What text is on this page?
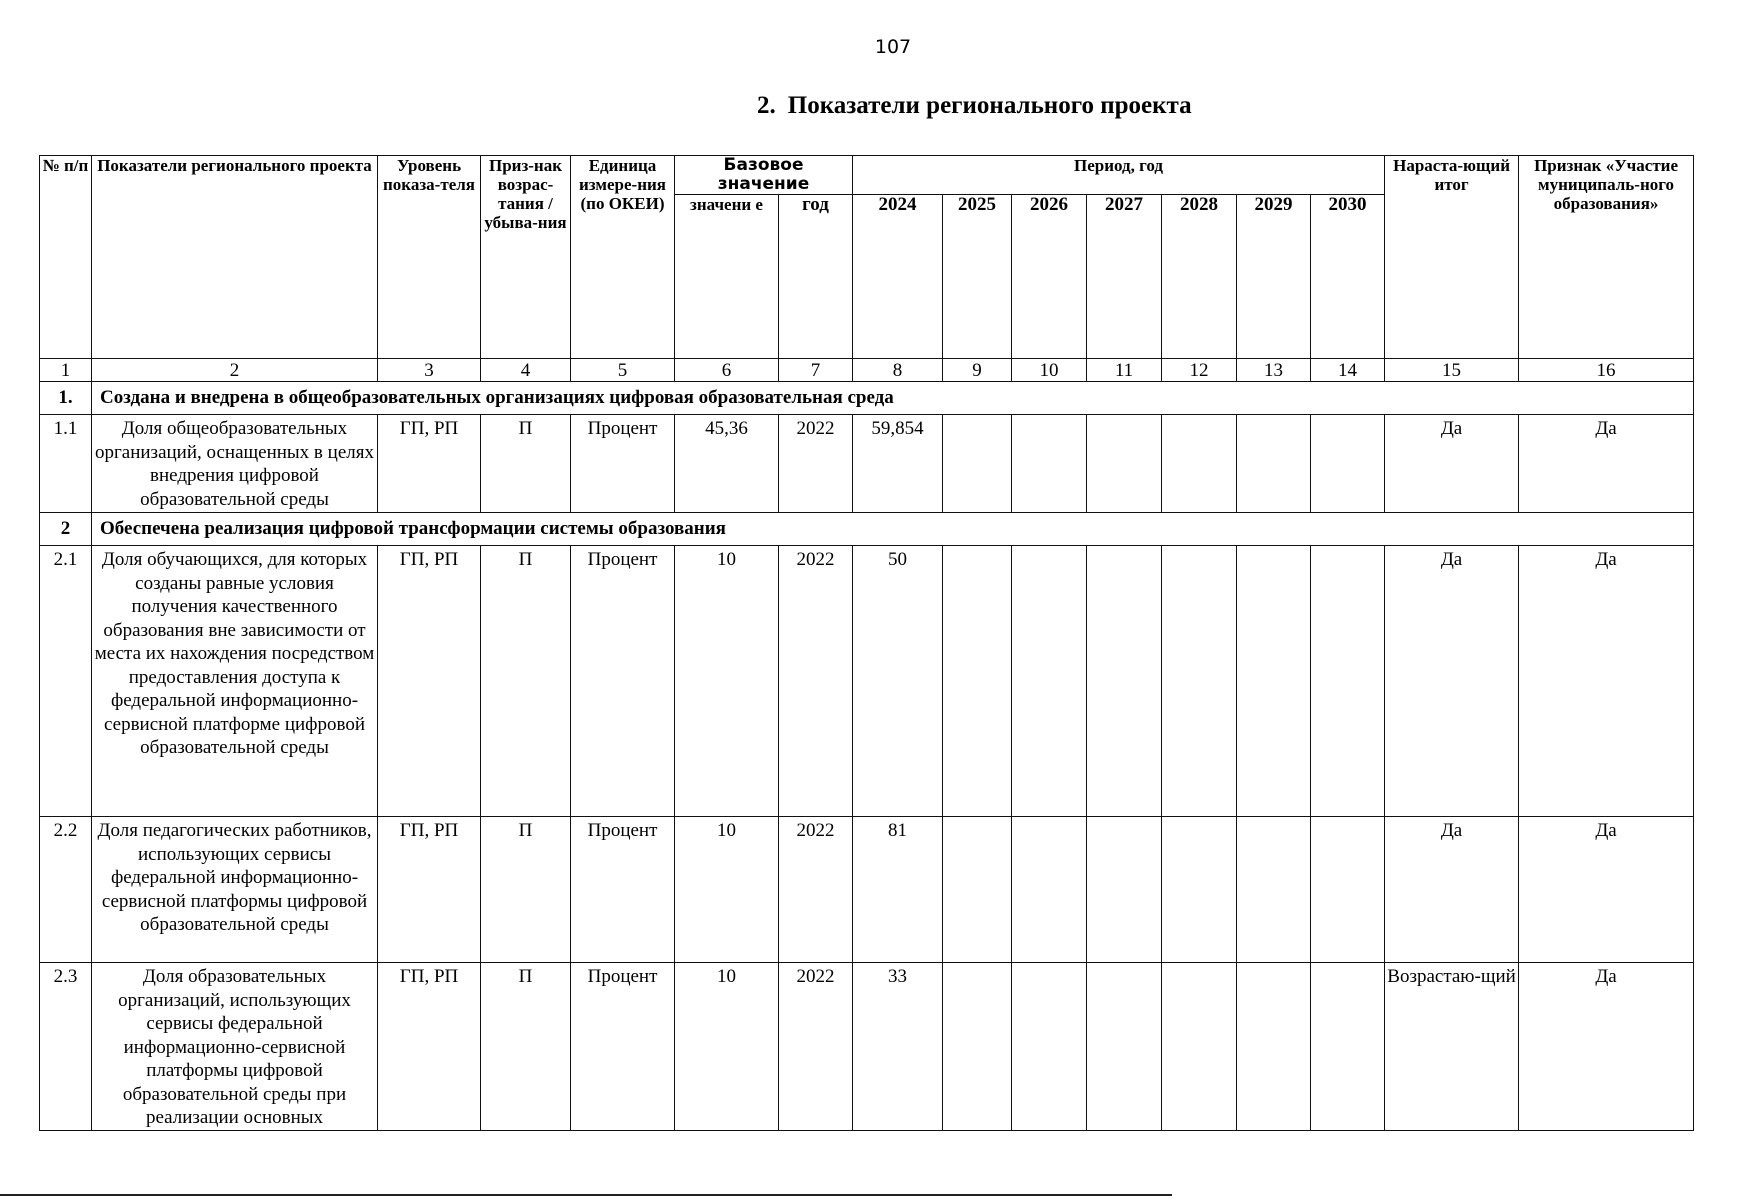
107
2. Показатели регионального проекта
№ п/п	Показатели регионального проекта	Уровень показа-теля	Приз-нак возрас-тания / убыва-ния	Единица измере-ния (по ОКЕИ)	Базовое значение		Период, год							Нараста-ющий итог	Признак «Участие муниципаль-ного образования»
					значени е	год	2024	2025	2026	2027	2028	2029	2030		
1	2	3	4	5	6	7	8	9	10	11	12	13	14	15	16
1.	Создана и внедрена в общеобразовательных организациях цифровая образовательная среда														
1.1	Доля общеобразовательных организаций, оснащенных в целях внедрения цифровой образовательной среды	ГП, РП	П	Процент	45,36	2022	59,854							Да	Да
2	Обеспечена реализация цифровой трансформации системы образования														
2.1	Доля обучающихся, для которых созданы равные условия получения качественного образования вне зависимости от места их нахождения посредством предоставления доступа к федеральной информационно-сервисной платформе цифровой образовательной среды	ГП, РП	П	Процент	10	2022	50							Да	Да
2.2	Доля педагогических работников, использующих сервисы федеральной информационно-сервисной платформы цифровой образовательной среды	ГП, РП	П	Процент	10	2022	81							Да	Да
2.3	Доля образовательных организаций, использующих сервисы федеральной информационно-сервисной платформы цифровой образовательной среды при реализации основных	ГП, РП	П	Процент	10	2022	33							Возрастаю-щий	Да
